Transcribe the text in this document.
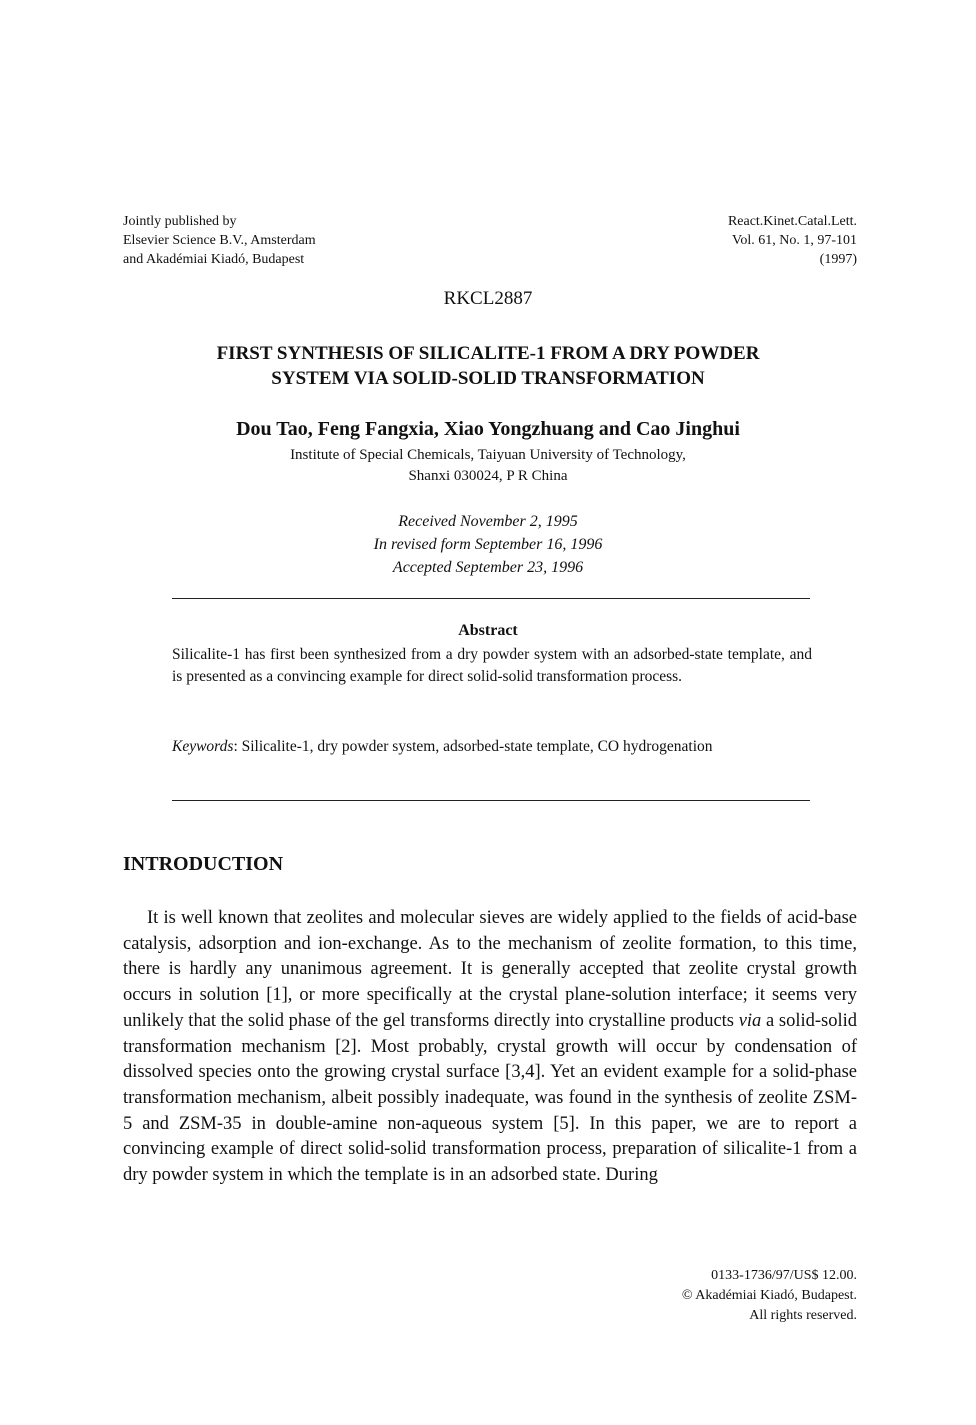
Jointly published by
Elsevier Science B.V., Amsterdam
and Akadémiai Kiadó, Budapest
React.Kinet.Catal.Lett.
Vol. 61, No. 1, 97-101
(1997)
RKCL2887
FIRST SYNTHESIS OF SILICALITE-1 FROM A DRY POWDER
SYSTEM VIA SOLID-SOLID TRANSFORMATION
Dou Tao, Feng Fangxia, Xiao Yongzhuang and Cao Jinghui
Institute of Special Chemicals, Taiyuan University of Technology,
Shanxi 030024, P R China
Received November 2, 1995
In revised form September 16, 1996
Accepted September 23, 1996
Abstract
Silicalite-1 has first been synthesized from a dry powder system with an adsorbed-state template, and is presented as a convincing example for direct solid-solid transformation process.
Keywords: Silicalite-1, dry powder system, adsorbed-state template, CO hydrogenation
INTRODUCTION
It is well known that zeolites and molecular sieves are widely applied to the fields of acid-base catalysis, adsorption and ion-exchange. As to the mechanism of zeolite formation, to this time, there is hardly any unanimous agreement. It is generally accepted that zeolite crystal growth occurs in solution [1], or more specifically at the crystal plane-solution interface; it seems very unlikely that the solid phase of the gel transforms directly into crystalline products via a solid-solid transformation mechanism [2]. Most probably, crystal growth will occur by condensation of dissolved species onto the growing crystal surface [3,4]. Yet an evident example for a solid-phase transformation mechanism, albeit possibly inadequate, was found in the synthesis of zeolite ZSM-5 and ZSM-35 in double-amine non-aqueous system [5]. In this paper, we are to report a convincing example of direct solid-solid transformation process, preparation of silicalite-1 from a dry powder system in which the template is in an adsorbed state. During
0133-1736/97/US$ 12.00.
© Akadémiai Kiadó, Budapest.
All rights reserved.
